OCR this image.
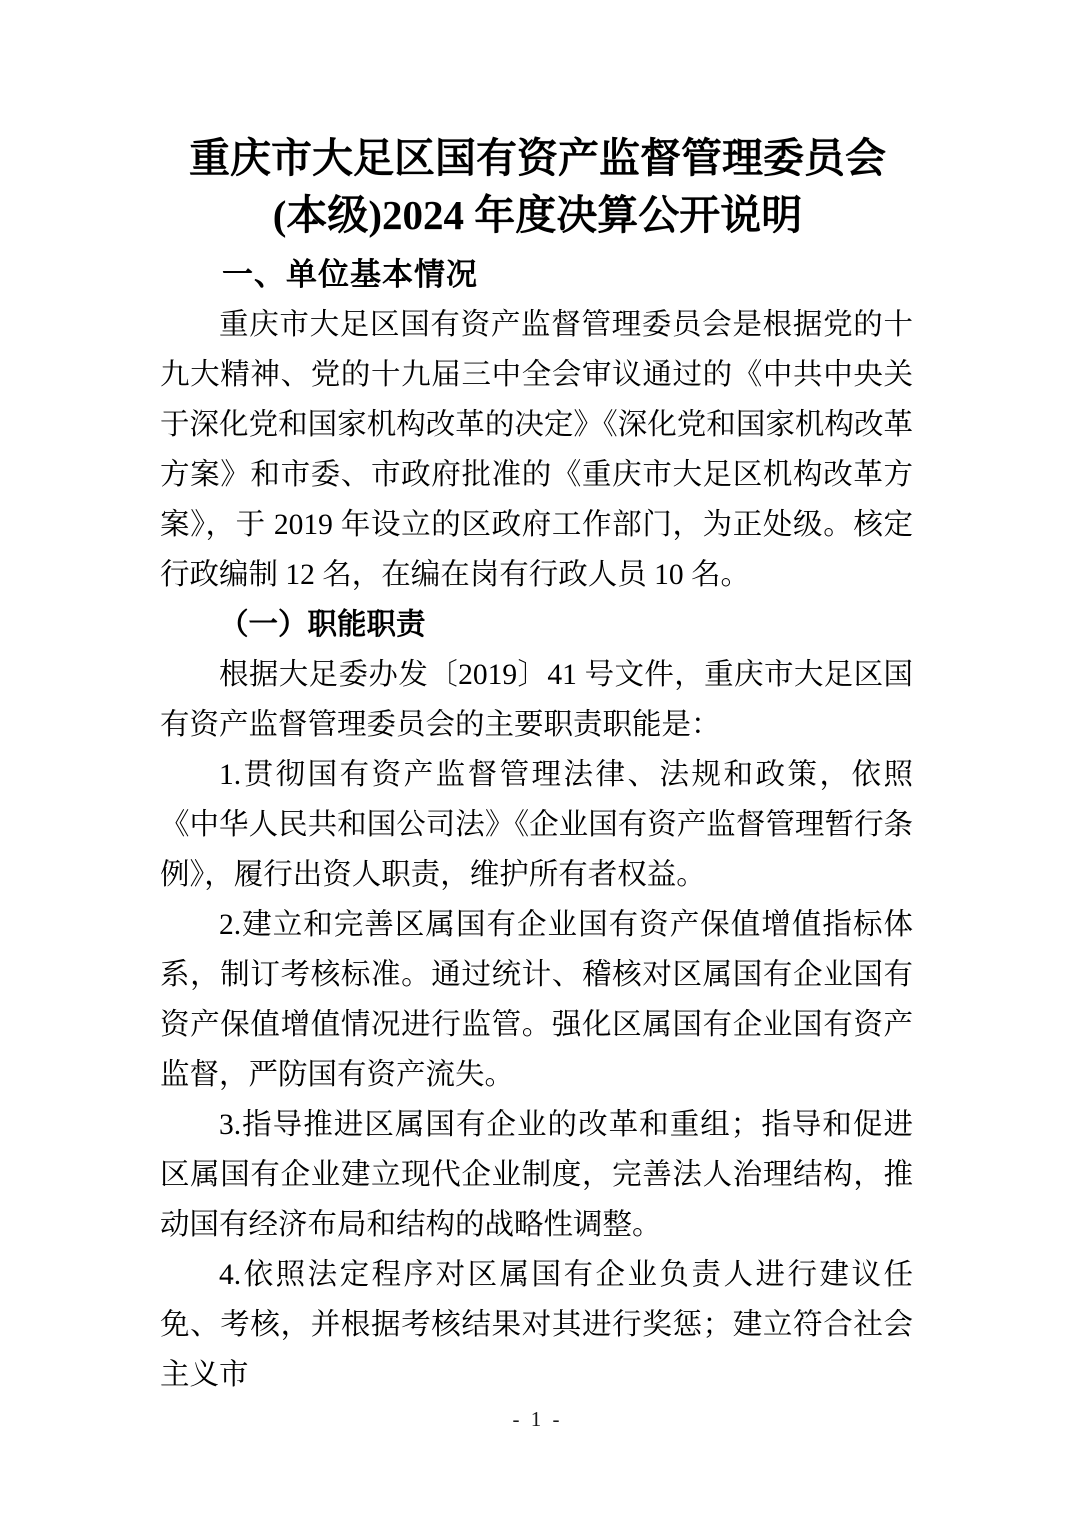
重庆市大足区国有资产监督管理委员会
(本级)2024 年度决算公开说明
一、单位基本情况

重庆市大足区国有资产监督管理委员会是根据党的十九大精神、党的十九届三中全会审议通过的《中共中央关于深化党和国家机构改革的决定》《深化党和国家机构改革方案》和市委、市政府批准的《重庆市大足区机构改革方案》，于 2019 年设立的区政府工作部门，为正处级。核定行政编制 12 名，在编在岗有行政人员 10 名。

（一）职能职责

根据大足委办发〔2019〕41 号文件，重庆市大足区国有资产监督管理委员会的主要职责职能是：

1.贯彻国有资产监督管理法律、法规和政策，依照《中华人民共和国公司法》《企业国有资产监督管理暂行条例》，履行出资人职责，维护所有者权益。

2.建立和完善区属国有企业国有资产保值增值指标体系，制订考核标准。通过统计、稽核对区属国有企业国有资产保值增值情况进行监管。强化区属国有企业国有资产监督，严防国有资产流失。

3.指导推进区属国有企业的改革和重组；指导和促进区属国有企业建立现代企业制度，完善法人治理结构，推动国有经济布局和结构的战略性调整。

4.依照法定程序对区属国有企业负责人进行建议任免、考核，并根据考核结果对其进行奖惩；建立符合社会主义市

- 1 -
